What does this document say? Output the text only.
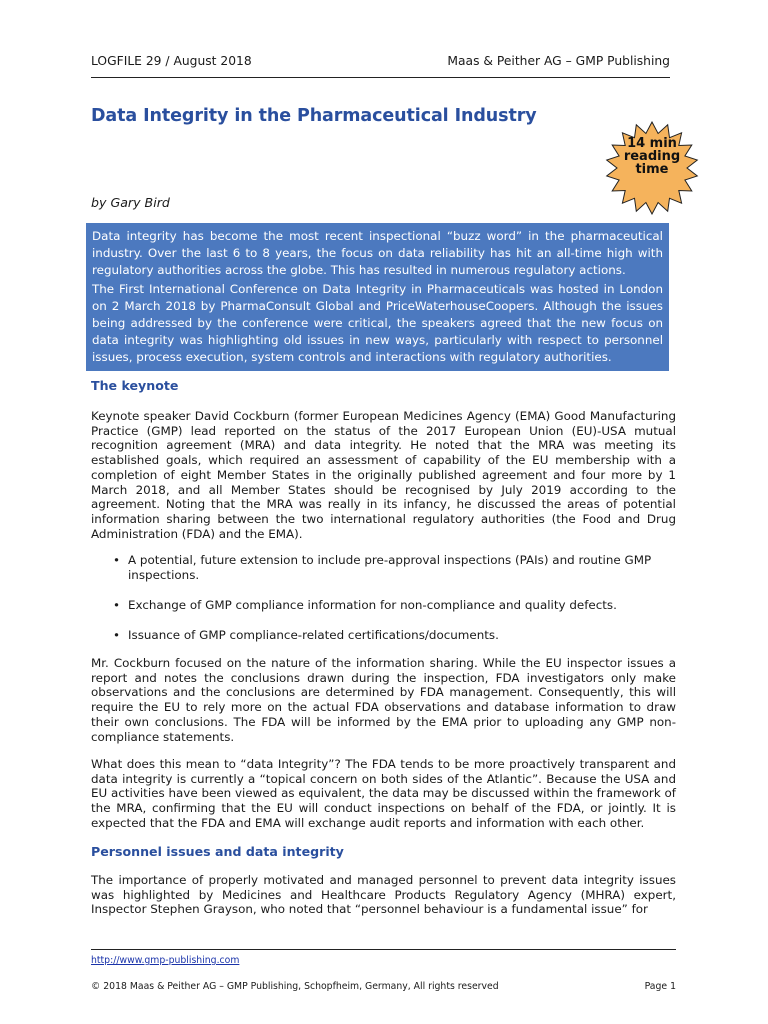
LOGFILE 29 / August 2018	Maas & Peither AG – GMP Publishing
Data Integrity in the Pharmaceutical Industry
14 min
reading
time
by Gary Bird

Data integrity has become the most recent inspectional “buzz word” in the pharmaceutical industry. Over the last 6 to 8 years, the focus on data reliability has hit an all-time high with regulatory authorities across the globe. This has resulted in numerous regulatory actions.

The First International Conference on Data Integrity in Pharmaceuticals was hosted in London on 2 March 2018 by PharmaConsult Global and PriceWaterhouseCoopers. Although the issues being addressed by the conference were critical, the speakers agreed that the new focus on data integrity was highlighting old issues in new ways, particularly with respect to personnel issues, process execution, system controls and interactions with regulatory authorities.

The keynote

Keynote speaker David Cockburn (former European Medicines Agency (EMA) Good Manufacturing Practice (GMP) lead reported on the status of the 2017 European Union (EU)-USA mutual recognition agreement (MRA) and data integrity. He noted that the MRA was meeting its established goals, which required an assessment of capability of the EU membership with a completion of eight Member States in the originally published agreement and four more by 1 March 2018, and all Member States should be recognised by July 2019 according to the agreement. Noting that the MRA was really in its infancy, he discussed the areas of potential information sharing between the two international regulatory authorities (the Food and Drug Administration (FDA) and the EMA).

• A potential, future extension to include pre-approval inspections (PAIs) and routine GMP inspections.
• Exchange of GMP compliance information for non-compliance and quality defects.
• Issuance of GMP compliance-related certifications/documents.

Mr. Cockburn focused on the nature of the information sharing. While the EU inspector issues a report and notes the conclusions drawn during the inspection, FDA investigators only make observations and the conclusions are determined by FDA management. Consequently, this will require the EU to rely more on the actual FDA observations and database information to draw their own conclusions. The FDA will be informed by the EMA prior to uploading any GMP non-compliance statements.

What does this mean to “data Integrity”? The FDA tends to be more proactively transparent and data integrity is currently a “topical concern on both sides of the Atlantic”. Because the USA and EU activities have been viewed as equivalent, the data may be discussed within the framework of the MRA, confirming that the EU will conduct inspections on behalf of the FDA, or jointly. It is expected that the FDA and EMA will exchange audit reports and information with each other.

Personnel issues and data integrity

The importance of properly motivated and managed personnel to prevent data integrity issues was highlighted by Medicines and Healthcare Products Regulatory Agency (MHRA) expert, Inspector Stephen Grayson, who noted that “personnel behaviour is a fundamental issue” for

http://www.gmp-publishing.com
© 2018 Maas & Peither AG – GMP Publishing, Schopfheim, Germany, All rights reserved	Page 1
